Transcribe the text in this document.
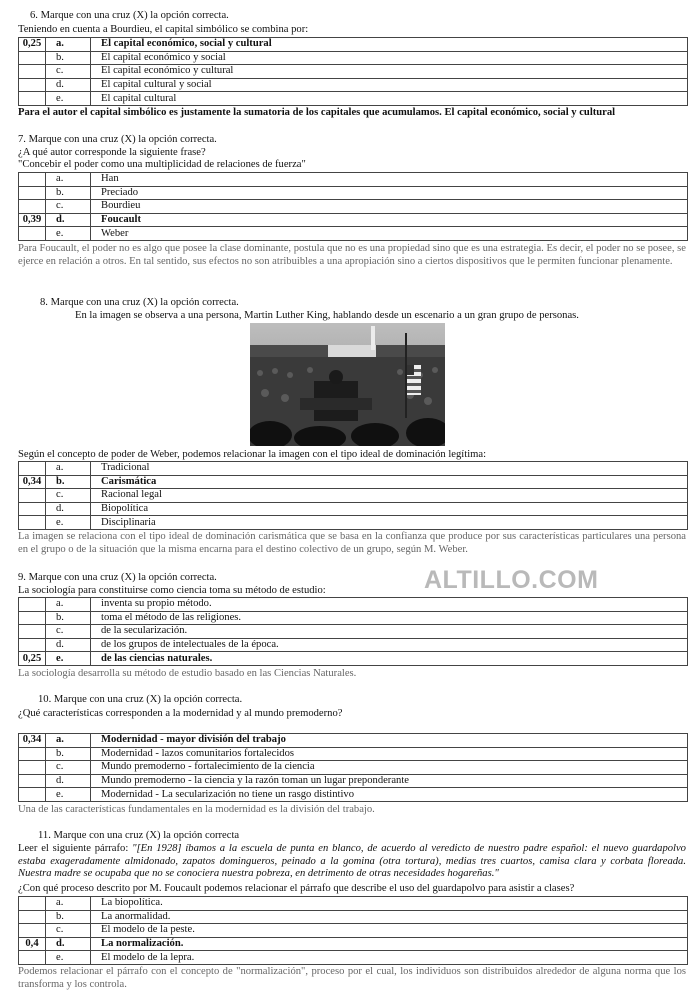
6. Marque con una cruz (X) la opción correcta.
Teniendo en cuenta a Bourdieu, el capital simbólico se combina por:
0,25	a.	El capital económico, social y cultural
	b.	El capital económico y social
	c.	El capital económico y cultural
	d.	El capital cultural y social
	e.	El capital cultural
Para el autor el capital simbólico es justamente la sumatoria de los capitales que acumulamos. El capital económico, social y cultural
7. Marque con una cruz (X) la opción correcta.
¿A qué autor corresponde la siguiente frase?
"Concebir el poder como una multiplicidad de relaciones de fuerza"
	a.	Han
	b.	Preciado
	c.	Bourdieu
0,39	d.	Foucault
	e.	Weber
Para Foucault, el poder no es algo que posee la clase dominante, postula que no es una propiedad sino que es una estrategia. Es decir, el poder no se posee, se ejerce en relación a otros. En tal sentido, sus efectos no son atribuibles a una apropiación sino a ciertos dispositivos que le permiten funcionar plenamente.
8. Marque con una cruz (X) la opción correcta.
En la imagen se observa a una persona, Martin Luther King, hablando desde un escenario a un gran grupo de personas.
Según el concepto de poder de Weber, podemos relacionar la imagen con el tipo ideal de dominación legítima:
	a.	Tradicional
0,34	b.	Carismática
	c.	Racional legal
	d.	Biopolítica
	e.	Disciplinaria
La imagen se relaciona con el tipo ideal de dominación carismática que se basa en la confianza que produce por sus características particulares una persona en el grupo o de la situación que la misma encarna para el destino colectivo de un grupo, según M. Weber.
ALTILLO.COM
9. Marque con una cruz (X) la opción correcta.
La sociología para constituirse como ciencia toma su método de estudio:
	a.	inventa su propio método.
	b.	toma el método de las religiones.
	c.	de la secularización.
	d.	de los grupos de intelectuales de la época.
0,25	e.	de las ciencias naturales.
La sociología desarrolla su método de estudio basado en las Ciencias Naturales.
10. Marque con una cruz (X) la opción correcta.
¿Qué características corresponden a la modernidad y al mundo premoderno?
0,34	a.	Modernidad - mayor división del trabajo
	b.	Modernidad - lazos comunitarios fortalecidos
	c.	Mundo premoderno - fortalecimiento de la ciencia
	d.	Mundo premoderno - la ciencia y la razón toman un lugar preponderante
	e.	Modernidad - La secularización no tiene un rasgo distintivo
Una de las características fundamentales en la modernidad es la división del trabajo.
11. Marque con una cruz (X) la opción correcta
Leer el siguiente párrafo: "[En 1928] íbamos a la escuela de punta en blanco, de acuerdo al veredicto de nuestro padre español: el nuevo guardapolvo estaba exageradamente almidonado, zapatos domingueros, peinado a la gomina (otra tortura), medias tres cuartos, camisa clara y corbata floreada. Nuestra madre se ocupaba que no se conociera nuestra pobreza, en detrimento de otras necesidades hogareñas."
¿Con qué proceso descrito por M. Foucault podemos relacionar el párrafo que describe el uso del guardapolvo para asistir a clases?
	a.	La biopolítica.
	b.	La anormalidad.
	c.	El modelo de la peste.
0,4	d.	La normalización.
	e.	El modelo de la lepra.
Podemos relacionar el párrafo con el concepto de "normalización", proceso por el cual, los individuos son distribuidos alrededor de alguna norma que los transforma y los controla.
